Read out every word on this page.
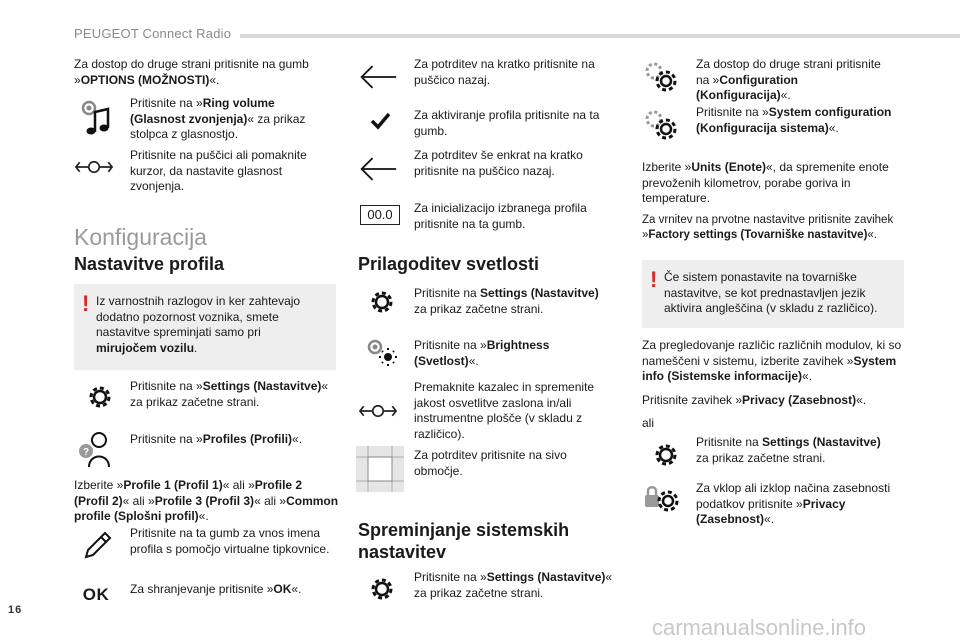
PEUGEOT Connect Radio
Za dostop do druge strani pritisnite na gumb »OPTIONS (MOŽNOSTI)«.
Pritisnite na »Ring volume (Glasnost zvonjenja)« za prikaz stolpca z glasnostjo.
Pritisnite na puščici ali pomaknite kurzor, da nastavite glasnost zvonjenja.
Konfiguracija
Nastavitve profila
! Iz varnostnih razlogov in ker zahtevajo dodatno pozornost voznika, smete nastavitve spreminjati samo pri mirujočem vozilu.
Pritisnite na »Settings (Nastavitve)« za prikaz začetne strani.
?
Pritisnite na »Profiles (Profili)«.
Izberite »Profile 1 (Profil 1)« ali »Profile 2 (Profil 2)« ali »Profile 3 (Profil 3)« ali »Common profile (Splošni profil)«.
Pritisnite na ta gumb za vnos imena profila s pomočjo virtualne tipkovnice.
OK Za shranjevanje pritisnite »OK«.
Za potrditev na kratko pritisnite na puščico nazaj.
Za aktiviranje profila pritisnite na ta gumb.
Za potrditev še enkrat na kratko pritisnite na puščico nazaj.
00.0	Za inicializacijo izbranega profila pritisnite na ta gumb.
Prilagoditev svetlosti
Pritisnite na Settings (Nastavitve) za prikaz začetne strani.
Pritisnite na »Brightness (Svetlost)«.
Premaknite kazalec in spremenite jakost osvetlitve zaslona in/ali instrumentne plošče (v skladu z različico).
Za potrditev pritisnite na sivo območje.
Spreminjanje sistemskih nastavitev
Pritisnite na »Settings (Nastavitve)« za prikaz začetne strani.
Za dostop do druge strani pritisnite na »Configuration (Konfiguracija)«.
Pritisnite na »System configuration (Konfiguracija sistema)«.
Izberite »Units (Enote)«, da spremenite enote prevoženih kilometrov, porabe goriva in temperature.
Za vrnitev na prvotne nastavitve pritisnite zavihek »Factory settings (Tovarniške nastavitve)«.
! Če sistem ponastavite na tovarniške nastavitve, se kot prednastavljen jezik aktivira angleščina (v skladu z različico).
Za pregledovanje različic različnih modulov, ki so nameščeni v sistemu, izberite zavihek »System info (Sistemske informacije)«.
Pritisnite zavihek »Privacy (Zasebnost)«.
ali
Pritisnite na Settings (Nastavitve) za prikaz začetne strani.
Za vklop ali izklop načina zasebnosti podatkov pritisnite »Privacy (Zasebnost)«.
16
carmanualsonline.info
